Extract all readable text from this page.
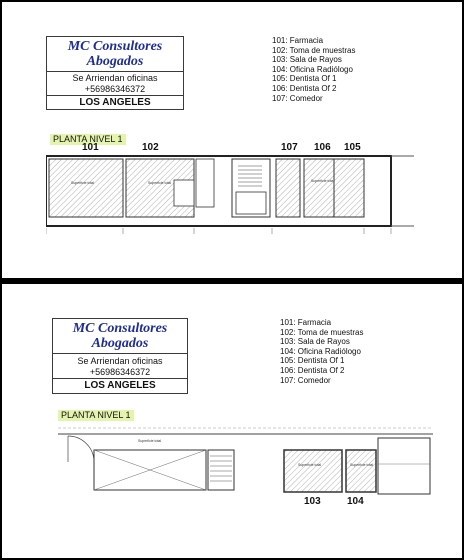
MC Consultores
Abogados
Se Arriendan oficinas
+56986346372
LOS ANGELES
101: Farmacia
102: Toma de muestras
103: Sala de Rayos
104: Oficina Radiólogo
105: Dentista Of 1
106: Dentista Of 2
107: Comedor
PLANTA NIVEL 1
101	102	107 106 105
Superficie total	Superficie total	Superficie total
MC Consultores
Abogados
Se Arriendan oficinas
+56986346372
LOS ANGELES
101: Farmacia
102: Toma de muestras
103: Sala de Rayos
104: Oficina Radiólogo
105: Dentista Of 1
106: Dentista Of 2
107: Comedor
PLANTA NIVEL 1
Superficie total	Superficie total
Superficie total
103	104
